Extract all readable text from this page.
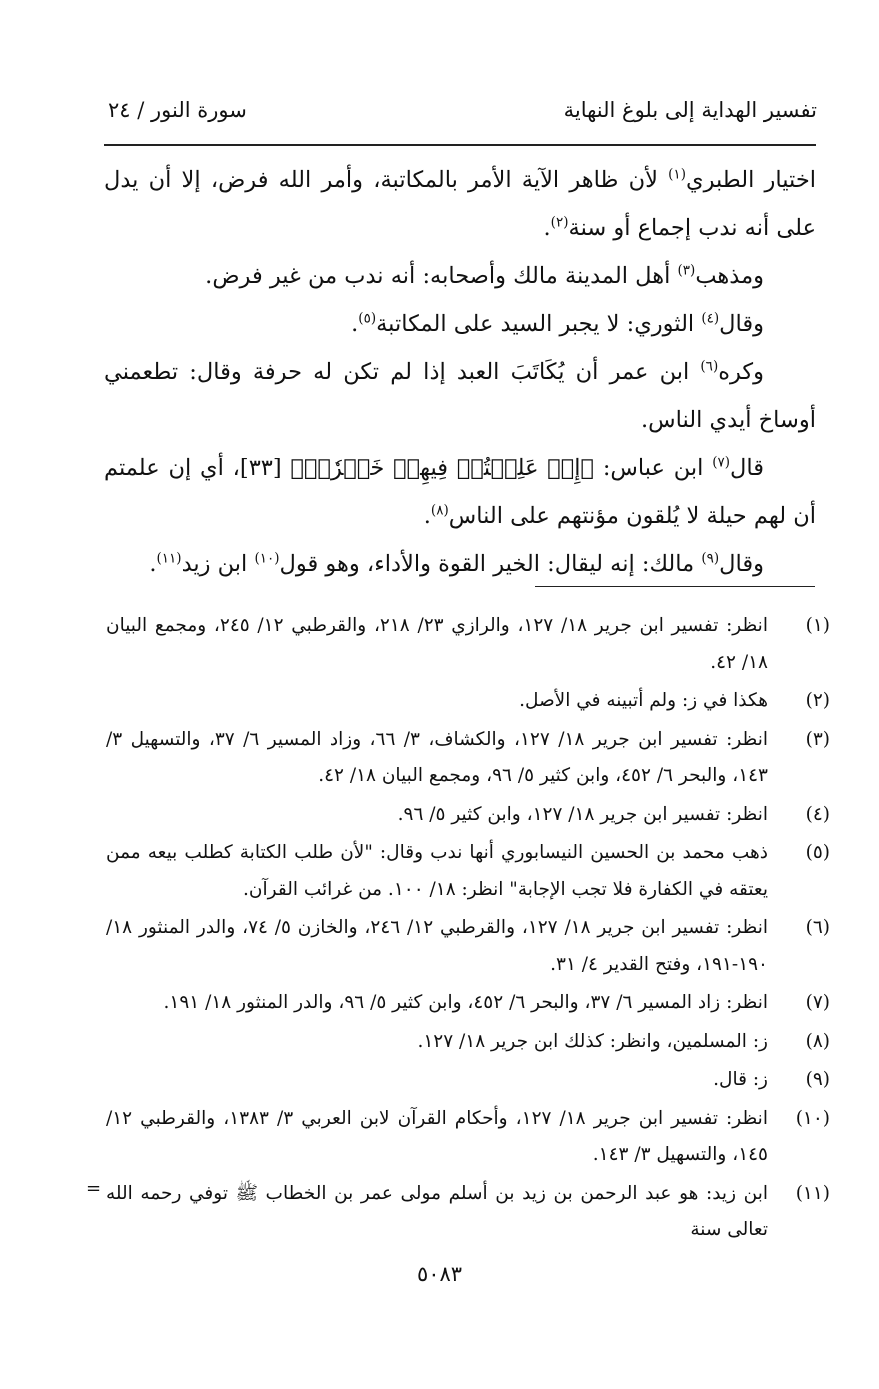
تفسير الهداية إلى بلوغ النهاية
سورة النور / ٢٤

اختيار الطبري$^{(١)}$ لأن ظاهر الآية الأمر بالمكاتبة، وأمر الله فرض، إلا أن يدل على أنه ندب إجماع أو سنة$^{(٢)}$.

ومذهب$^{(٣)}$ أهل المدينة مالك وأصحابه: أنه ندب من غير فرض.

وقال$^{(٤)}$ الثوري: لا يجبر السيد على المكاتبة$^{(٥)}$.

وكره$^{(٦)}$ ابن عمر أن يُكَاتَبَ العبد إذا لم تكن له حرفة وقال: تطعمني أوساخ أيدي الناس.

قال$^{(٧)}$ ابن عباس: ﴿إِنۡ عَلِمۡتُمۡ فِيهِمۡ خَيۡرٗاۖ﴾ [٣٣]، أي إن علمتم أن لهم حيلة لا يُلقون مؤنتهم على الناس$^{(٨)}$.

وقال$^{(٩)}$ مالك: إنه ليقال: الخير القوة والأداء، وهو قول$^{(١٠)}$ ابن زيد$^{(١١)}$.

(١)
انظر: تفسير ابن جرير ١٨/ ١٢٧، والرازي ٢٣/ ٢١٨، والقرطبي ١٢/ ٢٤٥، ومجمع البيان ١٨/ ٤٢.
(٢)
هكذا في ز: ولم أتبينه في الأصل.
(٣)
انظر: تفسير ابن جرير ١٨/ ١٢٧، والكشاف، ٣/ ٦٦، وزاد المسير ٦/ ٣٧، والتسهيل ٣/ ١٤٣، والبحر ٦/ ٤٥٢، وابن كثير ٥/ ٩٦، ومجمع البيان ١٨/ ٤٢.
(٤)
انظر: تفسير ابن جرير ١٨/ ١٢٧، وابن كثير ٥/ ٩٦.
(٥)
ذهب محمد بن الحسين النيسابوري أنها ندب وقال: "لأن طلب الكتابة كطلب بيعه ممن يعتقه في الكفارة فلا تجب الإجابة" انظر: ١٨/ ١٠٠. من غرائب القرآن.
(٦)
انظر: تفسير ابن جرير ١٨/ ١٢٧، والقرطبي ١٢/ ٢٤٦، والخازن ٥/ ٧٤، والدر المنثور ١٨/ ١٩٠-١٩١، وفتح القدير ٤/ ٣١.
(٧)
انظر: زاد المسير ٦/ ٣٧، والبحر ٦/ ٤٥٢، وابن كثير ٥/ ٩٦، والدر المنثور ١٨/ ١٩١.
(٨)
ز: المسلمين، وانظر: كذلك ابن جرير ١٨/ ١٢٧.
(٩)
ز: قال.
(١٠)
انظر: تفسير ابن جرير ١٨/ ١٢٧، وأحكام القرآن لابن العربي ٣/ ١٣٨٣، والقرطبي ١٢/ ١٤٥، والتسهيل ٣/ ١٤٣.
(١١)
ابن زيد: هو عبد الرحمن بن زيد بن أسلم مولى عمر بن الخطاب ﷺ توفي رحمه الله تعالى سنة
=
٥٠٨٣
